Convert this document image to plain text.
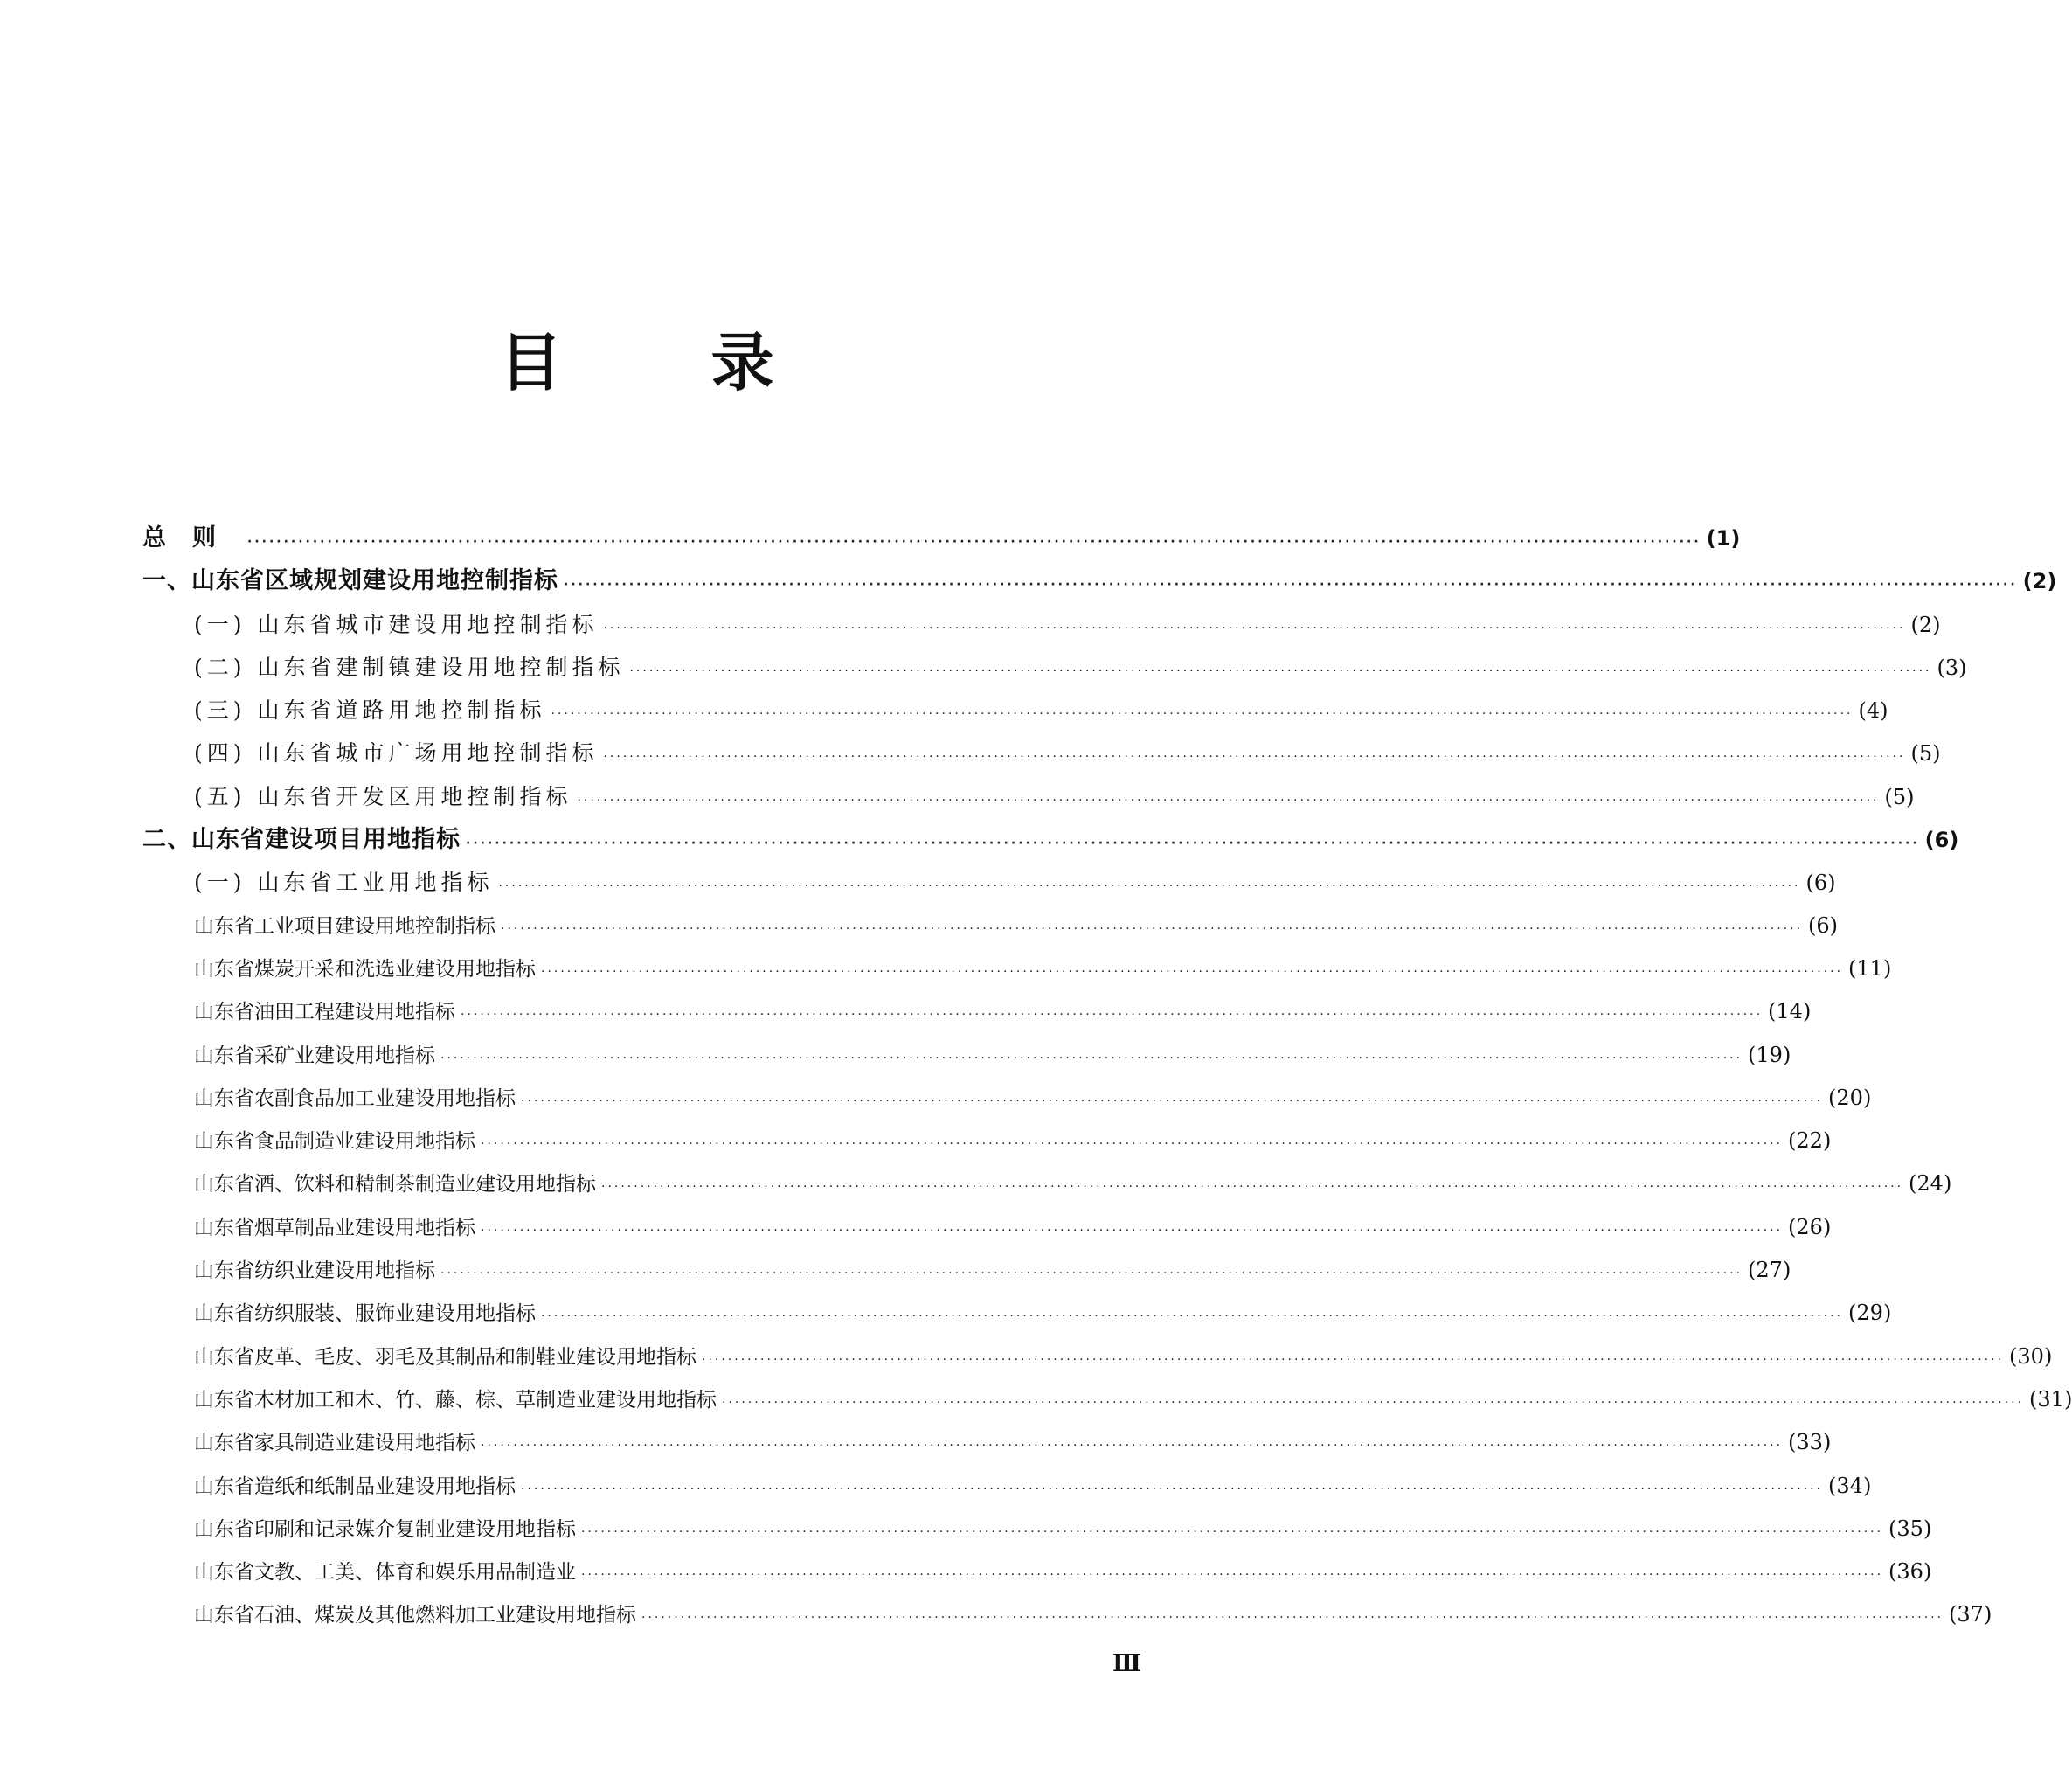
目 录
总则 ········································································································································································································ (1)
一、山东省区域规划建设用地控制指标 ········································································································································································································ (2)
(一) 山东省城市建设用地控制指标 ········································································································································································································ (2)
(二) 山东省建制镇建设用地控制指标 ········································································································································································································ (3)
(三) 山东省道路用地控制指标 ········································································································································································································ (4)
(四) 山东省城市广场用地控制指标 ········································································································································································································ (5)
(五) 山东省开发区用地控制指标 ········································································································································································································ (5)
二、山东省建设项目用地指标 ········································································································································································································ (6)
(一) 山东省工业用地指标 ········································································································································································································ (6)
山东省工业项目建设用地控制指标 ········································································································································································································ (6)
山东省煤炭开采和洗选业建设用地指标 ········································································································································································································ (11)
山东省油田工程建设用地指标 ········································································································································································································ (14)
山东省采矿业建设用地指标 ········································································································································································································ (19)
山东省农副食品加工业建设用地指标 ········································································································································································································ (20)
山东省食品制造业建设用地指标 ········································································································································································································ (22)
山东省酒、饮料和精制茶制造业建设用地指标 ········································································································································································································ (24)
山东省烟草制品业建设用地指标 ········································································································································································································ (26)
山东省纺织业建设用地指标 ········································································································································································································ (27)
山东省纺织服装、服饰业建设用地指标 ········································································································································································································ (29)
山东省皮革、毛皮、羽毛及其制品和制鞋业建设用地指标 ········································································································································································································ (30)
山东省木材加工和木、竹、藤、棕、草制造业建设用地指标 ········································································································································································································ (31)
山东省家具制造业建设用地指标 ········································································································································································································ (33)
山东省造纸和纸制品业建设用地指标 ········································································································································································································ (34)
山东省印刷和记录媒介复制业建设用地指标 ········································································································································································································ (35)
山东省文教、工美、体育和娱乐用品制造业 ········································································································································································································ (36)
山东省石油、煤炭及其他燃料加工业建设用地指标 ········································································································································································································ (37)
Ⅲ
